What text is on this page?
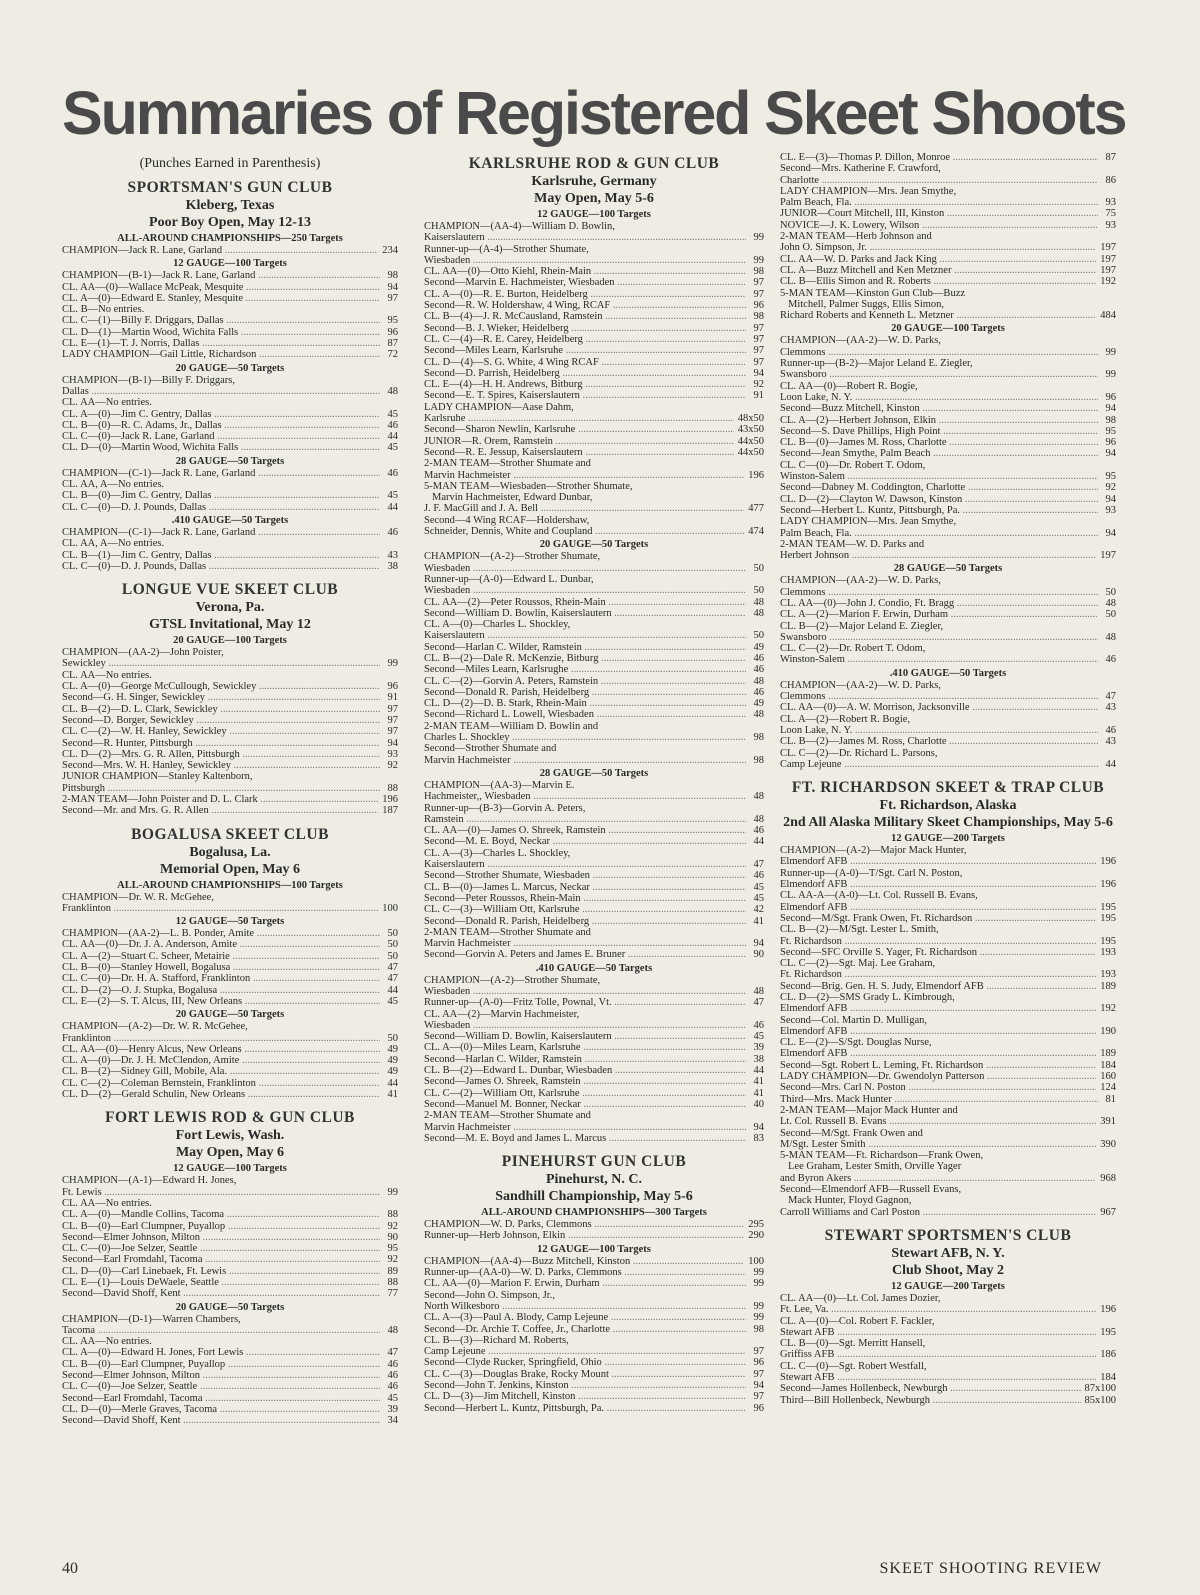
Summaries of Registered Skeet Shoots
(Punches Earned in Parenthesis)
SPORTSMAN'S GUN CLUB
Kleberg, Texas
Poor Boy Open, May 12-13
ALL-AROUND CHAMPIONSHIPS—250 Targets
CHAMPION—Jack R. Lane, Garland .....	234
12 GAUGE—100 Targets
CHAMPION—(B-1)—Jack R. Lane, Garland .....	98
CL. AA—(0)—Wallace McPeak, Mesquite .....	94
CL. A—(0)—Edward E. Stanley, Mesquite .....	97
CL. B—No entries.
CL. C—(1)—Billy F. Driggars, Dallas .....	95
CL. D—(1)—Martin Wood, Wichita Falls .....	96
CL. E—(1)—T. J. Norris, Dallas .....	87
LADY CHAMPION—Gail Little, Richardson .....	72
20 GAUGE—50 Targets
CHAMPION—(B-1)—Billy F. Driggars,
Dallas .....	48
CL. AA—No entries.
CL. A—(0)—Jim C. Gentry, Dallas .....	45
CL. B—(0)—R. C. Adams, Jr., Dallas .....	46
CL. C—(0)—Jack R. Lane, Garland .....	44
CL. D—(0)—Martin Wood, Wichita Falls .....	45
28 GAUGE—50 Targets
CHAMPION—(C-1)—Jack R. Lane, Garland .....	46
CL. AA, A—No entries.
CL. B—(0)—Jim C. Gentry, Dallas .....	45
CL. C—(0)—D. J. Pounds, Dallas .....	44
.410 GAUGE—50 Targets
CHAMPION—(C-1)—Jack R. Lane, Garland .....	46
CL. AA, A—No entries.
CL. B—(1)—Jim C. Gentry, Dallas .....	43
CL. C—(0)—D. J. Pounds, Dallas .....	38
LONGUE VUE SKEET CLUB
Verona, Pa.
GTSL Invitational, May 12
20 GAUGE—100 Targets
CHAMPION—(AA-2)—John Poister,
Sewickley .....	99
CL. AA—No entries.
CL. A—(0)—George McCullough, Sewickley .....	96
Second—G. H. Singer, Sewickley .....	91
CL. B—(2)—D. L. Clark, Sewickley .....	97
Second—D. Borger, Sewickley .....	97
CL. C—(2)—W. H. Hanley, Sewickley .....	97
Second—R. Hunter, Pittsburgh .....	94
CL. D—(2)—Mrs. G. R. Allen, Pittsburgh .....	93
Second—Mrs. W. H. Hanley, Sewickley .....	92
JUNIOR CHAMPION—Stanley Kaltenborn,
Pittsburgh .....	88
2-MAN TEAM—John Poister and D. L. Clark .....	196
Second—Mr. and Mrs. G. R. Allen .....	187
BOGALUSA SKEET CLUB
Bogalusa, La.
Memorial Open, May 6
ALL-AROUND CHAMPIONSHIPS—100 Targets
CHAMPION—Dr. W. R. McGehee,
Franklinton .....	100
12 GAUGE—50 Targets
CHAMPION—(AA-2)—L. B. Ponder, Amite .....	50
CL. AA—(0)—Dr. J. A. Anderson, Amite .....	50
CL. A—(2)—Stuart C. Scheer, Metairie .....	50
CL. B—(0)—Stanley Howell, Bogalusa .....	47
CL. C—(0)—Dr. H. A. Stafford, Franklinton .....	47
CL. D—(2)—O. J. Stupka, Bogalusa .....	44
CL. E—(2)—S. T. Alcus, III, New Orleans .....	45
20 GAUGE—50 Targets
CHAMPION—(A-2)—Dr. W. R. McGehee,
Franklinton .....	50
CL. AA—(0)—Henry Alcus, New Orleans .....	49
CL. A—(0)—Dr. J. H. McClendon, Amite .....	49
CL. B—(2)—Sidney Gill, Mobile, Ala. .....	49
CL. C—(2)—Coleman Bernstein, Franklinton .....	44
CL. D—(2)—Gerald Schulin, New Orleans .....	41
FORT LEWIS ROD & GUN CLUB
Fort Lewis, Wash.
May Open, May 6
12 GAUGE—100 Targets
CHAMPION—(A-1)—Edward H. Jones,
Ft. Lewis .....	99
CL. AA—No entries.
CL. A—(0)—Mandle Collins, Tacoma .....	88
CL. B—(0)—Earl Clumpner, Puyallop .....	92
Second—Elmer Johnson, Milton .....	90
CL. C—(0)—Joe Selzer, Seattle .....	95
Second—Earl Fromdahl, Tacoma .....	92
CL. D—(0)—Carl Linebaek, Ft. Lewis .....	89
CL. E—(1)—Louis DeWaele, Seattle .....	88
Second—David Shoff, Kent .....	77
20 GAUGE—50 Targets
CHAMPION—(D-1)—Warren Chambers,
Tacoma .....	48
CL. AA—No entries.
CL. A—(0)—Edward H. Jones, Fort Lewis .....	47
CL. B—(0)—Earl Clumpner, Puyallop .....	46
Second—Elmer Johnson, Milton .....	46
CL. C—(0)—Joe Selzer, Seattle .....	46
Second—Earl Fromdahl, Tacoma .....	45
CL. D—(0)—Merle Graves, Tacoma .....	39
Second—David Shoff, Kent .....	34
KARLSRUHE ROD & GUN CLUB
Karlsruhe, Germany
May Open, May 5-6
12 GAUGE—100 Targets
CHAMPION—(AA-4)—William D. Bowlin,
Kaiserslautern .....	99
Runner-up—(A-4)—Strother Shumate,
Wiesbaden .....	99
CL. AA—(0)—Otto Kiehl, Rhein-Main .....	98
Second—Marvin E. Hachmeister, Wiesbaden .....	97
CL. A—(0)—R. E. Burton, Heidelberg .....	97
Second—R. W. Holdershaw, 4 Wing, RCAF .....	96
CL. B—(4)—J. R. McCausland, Ramstein .....	98
Second—B. J. Wieker, Heidelberg .....	97
CL. C—(4)—R. E. Carey, Heidelberg .....	97
Second—Miles Learn, Karlsruhe .....	97
CL. D—(4)—S. G. White, 4 Wing RCAF .....	97
Second—D. Parrish, Heidelberg .....	94
CL. E—(4)—H. H. Andrews, Bitburg .....	92
Second—E. T. Spires, Kaiserslautern .....	91
LADY CHAMPION—Aase Dahm,
Karlsruhe .....	48x50
Second—Sharon Newlin, Karlsruhe .....	43x50
JUNIOR—R. Orem, Ramstein .....	44x50
Second—R. E. Jessup, Kaiserslautern .....	44x50
2-MAN TEAM—Strother Shumate and
Marvin Hachmeister .....	196
5-MAN TEAM—Wiesbaden—Strother Shumate,
Marvin Hachmeister, Edward Dunbar,
J. F. MacGill and J. A. Bell .....	477
Second—4 Wing RCAF—Holdershaw,
Schneider, Dennis, White and Coupland .....	474
20 GAUGE—50 Targets
CHAMPION—(A-2)—Strother Shumate,
Wiesbaden .....	50
Runner-up—(A-0)—Edward L. Dunbar,
Wiesbaden .....	50
CL. AA—(2)—Peter Roussos, Rhein-Main .....	48
Second—William D. Bowlin, Kaiserslautern .....	48
CL. A—(0)—Charles L. Shockley,
Kaiserslautern .....	50
Second—Harlan C. Wilder, Ramstein .....	49
CL. B—(2)—Dale R. McKenzie, Bitburg .....	46
Second—Miles Learn, Karlsrughe .....	46
CL. C—(2)—Gorvin A. Peters, Ramstein .....	48
Second—Donald R. Parish, Heidelberg .....	46
CL. D—(2)—D. B. Stark, Rhein-Main .....	49
Second—Richard L. Lowell, Wiesbaden .....	48
2-MAN TEAM—William D. Bowlin and
Charles L. Shockley .....	98
Second—Strother Shumate and
Marvin Hachmeister .....	98
28 GAUGE—50 Targets
CHAMPION—(AA-3)—Marvin E.
Hachmeister,, Wiesbaden .....	48
Runner-up—(B-3)—Gorvin A. Peters,
Ramstein .....	48
CL. AA—(0)—James O. Shreek, Ramstein .....	46
Second—M. E. Boyd, Neckar .....	44
CL. A—(3)—Charles L. Shockley,
Kaiserslautern .....	47
Second—Strother Shumate, Wiesbaden .....	46
CL. B—(0)—James L. Marcus, Neckar .....	45
Second—Peter Roussos, Rhein-Main .....	45
CL. C—(3)—William Ott, Karlsruhe .....	42
Second—Donald R. Parish, Heidelberg .....	41
2-MAN TEAM—Strother Shumate and
Marvin Hachmeister .....	94
Second—Gorvin A. Peters and James E. Bruner .....	90
.410 GAUGE—50 Targets
CHAMPION—(A-2)—Strother Shumate,
Wiesbaden .....	48
Runner-up—(A-0)—Fritz Tolle, Pownal, Vt. .....	47
CL. AA—(2)—Marvin Hachmeister,
Wiesbaden .....	46
Second—William D. Bowlin, Kaiserslautern .....	45
CL. A—(0)—Miles Learn, Karlsruhe .....	39
Second—Harlan C. Wilder, Ramstein .....	38
CL. B—(2)—Edward L. Dunbar, Wiesbaden .....	44
Second—James O. Shreek, Ramstein .....	41
CL. C—(2)—William Ott, Karlsruhe .....	41
Second—Manuel M. Bonner, Neckar .....	40
2-MAN TEAM—Strother Shumate and
Marvin Hachmeister .....	94
Second—M. E. Boyd and James L. Marcus .....	83
PINEHURST GUN CLUB
Pinehurst, N. C.
Sandhill Championship, May 5-6
ALL-AROUND CHAMPIONSHIPS—300 Targets
CHAMPION—W. D. Parks, Clemmons .....	295
Runner-up—Herb Johnson, Elkin .....	290
12 GAUGE—100 Targets
CHAMPION—(AA-4)—Buzz Mitchell, Kinston .....	100
Runner-up—(AA-0)—W. D. Parks, Clemmons .....	99
CL. AA—(0)—Marion F. Erwin, Durham .....	99
Second—John O. Simpson, Jr.,
North Wilkesboro .....	99
CL. A—(3)—Paul A. Blody, Camp Lejeune .....	99
Second—Dr. Archie T. Coffee, Jr., Charlotte .....	98
CL. B—(3)—Richard M. Roberts,
Camp Lejeune .....	97
Second—Clyde Rucker, Springfield, Ohio .....	96
CL. C—(3)—Douglas Brake, Rocky Mount .....	97
Second—John T. Jenkins, Kinston .....	94
CL. D—(3)—Jim Mitchell, Kinston .....	97
Second—Herbert L. Kuntz, Pittsburgh, Pa. .....	96
CL. E—(3)—Thomas P. Dillon, Monroe .....	87
Second—Mrs. Katherine F. Crawford,
Charlotte .....	86
LADY CHAMPION—Mrs. Jean Smythe,
Palm Beach, Fla. .....	93
JUNIOR—Court Mitchell, III, Kinston .....	75
NOVICE—J. K. Lowery, Wilson .....	93
2-MAN TEAM—Herb Johnson and
John O. Simpson, Jr. .....	197
CL. AA—W. D. Parks and Jack King .....	197
CL. A—Buzz Mitchell and Ken Metzner .....	197
CL. B—Ellis Simon and R. Roberts .....	192
5-MAN TEAM—Kinston Gun Club—Buzz
Mitchell, Palmer Suggs, Ellis Simon,
Richard Roberts and Kenneth L. Metzner .....	484
20 GAUGE—100 Targets
CHAMPION—(AA-2)—W. D. Parks,
Clemmons .....	99
Runner-up—(B-2)—Major Leland E. Ziegler,
Swansboro .....	99
CL. AA—(0)—Robert R. Bogie,
Loon Lake, N. Y. .....	96
Second—Buzz Mitchell, Kinston .....	94
CL. A—(2)—Herbert Johnson, Elkin .....	98
Second—S. Dave Phillips, High Point .....	95
CL. B—(0)—James M. Ross, Charlotte .....	96
Second—Jean Smythe, Palm Beach .....	94
CL. C—(0)—Dr. Robert T. Odom,
Winston-Salem .....	95
Second—Dabney M. Coddington, Charlotte .....	92
CL. D—(2)—Clayton W. Dawson, Kinston .....	94
Second—Herbert L. Kuntz, Pittsburgh, Pa. .....	93
LADY CHAMPION—Mrs. Jean Smythe,
Palm Beach, Fla. .....	94
2-MAN TEAM—W. D. Parks and
Herbert Johnson .....	197
28 GAUGE—50 Targets
CHAMPION—(AA-2)—W. D. Parks,
Clemmons .....	50
CL. AA—(0)—John J. Condio, Ft. Bragg .....	48
CL. A—(2)—Marion F. Erwin, Durham .....	50
CL. B—(2)—Major Leland E. Ziegler,
Swansboro .....	48
CL. C—(2)—Dr. Robert T. Odom,
Winston-Salem .....	46
.410 GAUGE—50 Targets
CHAMPION—(AA-2)—W. D. Parks,
Clemmons .....	47
CL. AA—(0)—A. W. Morrison, Jacksonville .....	43
CL. A—(2)—Robert R. Bogie,
Loon Lake, N. Y. .....	46
CL. B—(2)—James M. Ross, Charlotte .....	43
CL. C—(2)—Dr. Richard L. Parsons,
Camp Lejeune .....	44
FT. RICHARDSON SKEET & TRAP CLUB
Ft. Richardson, Alaska
2nd All Alaska Military Skeet Championships, May 5-6
12 GAUGE—200 Targets
CHAMPION—(A-2)—Major Mack Hunter,
Elmendorf AFB .....	196
Runner-up—(A-0)—T/Sgt. Carl N. Poston,
Elmendorf AFB .....	196
CL. AA-A—(A-0)—Lt. Col. Russell B. Evans,
Elmendorf AFB .....	195
Second—M/Sgt. Frank Owen, Ft. Richardson .....	195
CL. B—(2)—M/Sgt. Lester L. Smith,
Ft. Richardson .....	195
Second—SFC Orville S. Yager, Ft. Richardson .....	193
CL. C—(2)—Sgt. Maj. Lee Graham,
Ft. Richardson .....	193
Second—Brig. Gen. H. S. Judy, Elmendorf AFB .....	189
CL. D—(2)—SMS Grady L. Kimbrough,
Elmendorf AFB .....	192
Second—Col. Martin D. Mulligan,
Elmendorf AFB .....	190
CL. E—(2)—S/Sgt. Douglas Nurse,
Elmendorf AFB .....	189
Second—Sgt. Robert L. Leming, Ft. Richardson .....	184
LADY CHAMPION—Dr. Gwendolyn Patterson .....	160
Second—Mrs. Carl N. Poston .....	124
Third—Mrs. Mack Hunter .....	81
2-MAN TEAM—Major Mack Hunter and
Lt. Col. Russell B. Evans .....	391
Second—M/Sgt. Frank Owen and
M/Sgt. Lester Smith .....	390
5-MAN TEAM—Ft. Richardson—Frank Owen,
Lee Graham, Lester Smith, Orville Yager
and Byron Akers .....	968
Second—Elmendorf AFB—Russell Evans,
Mack Hunter, Floyd Gagnon,
Carroll Williams and Carl Poston .....	967
STEWART SPORTSMEN'S CLUB
Stewart AFB, N. Y.
Club Shoot, May 2
12 GAUGE—200 Targets
CL. AA—(0)—Lt. Col. James Dozier,
Ft. Lee, Va. .....	196
CL. A—(0)—Col. Robert F. Fackler,
Stewart AFB .....	195
CL. B—(0)—Sgt. Merritt Hansell,
Griffiss AFB .....	186
CL. C—(0)—Sgt. Robert Westfall,
Stewart AFB .....	184
Second—James Hollenbeck, Newburgh .....	87x100
Third—Bill Hollenbeck, Newburgh .....	85x100
40	SKEET SHOOTING REVIEW
